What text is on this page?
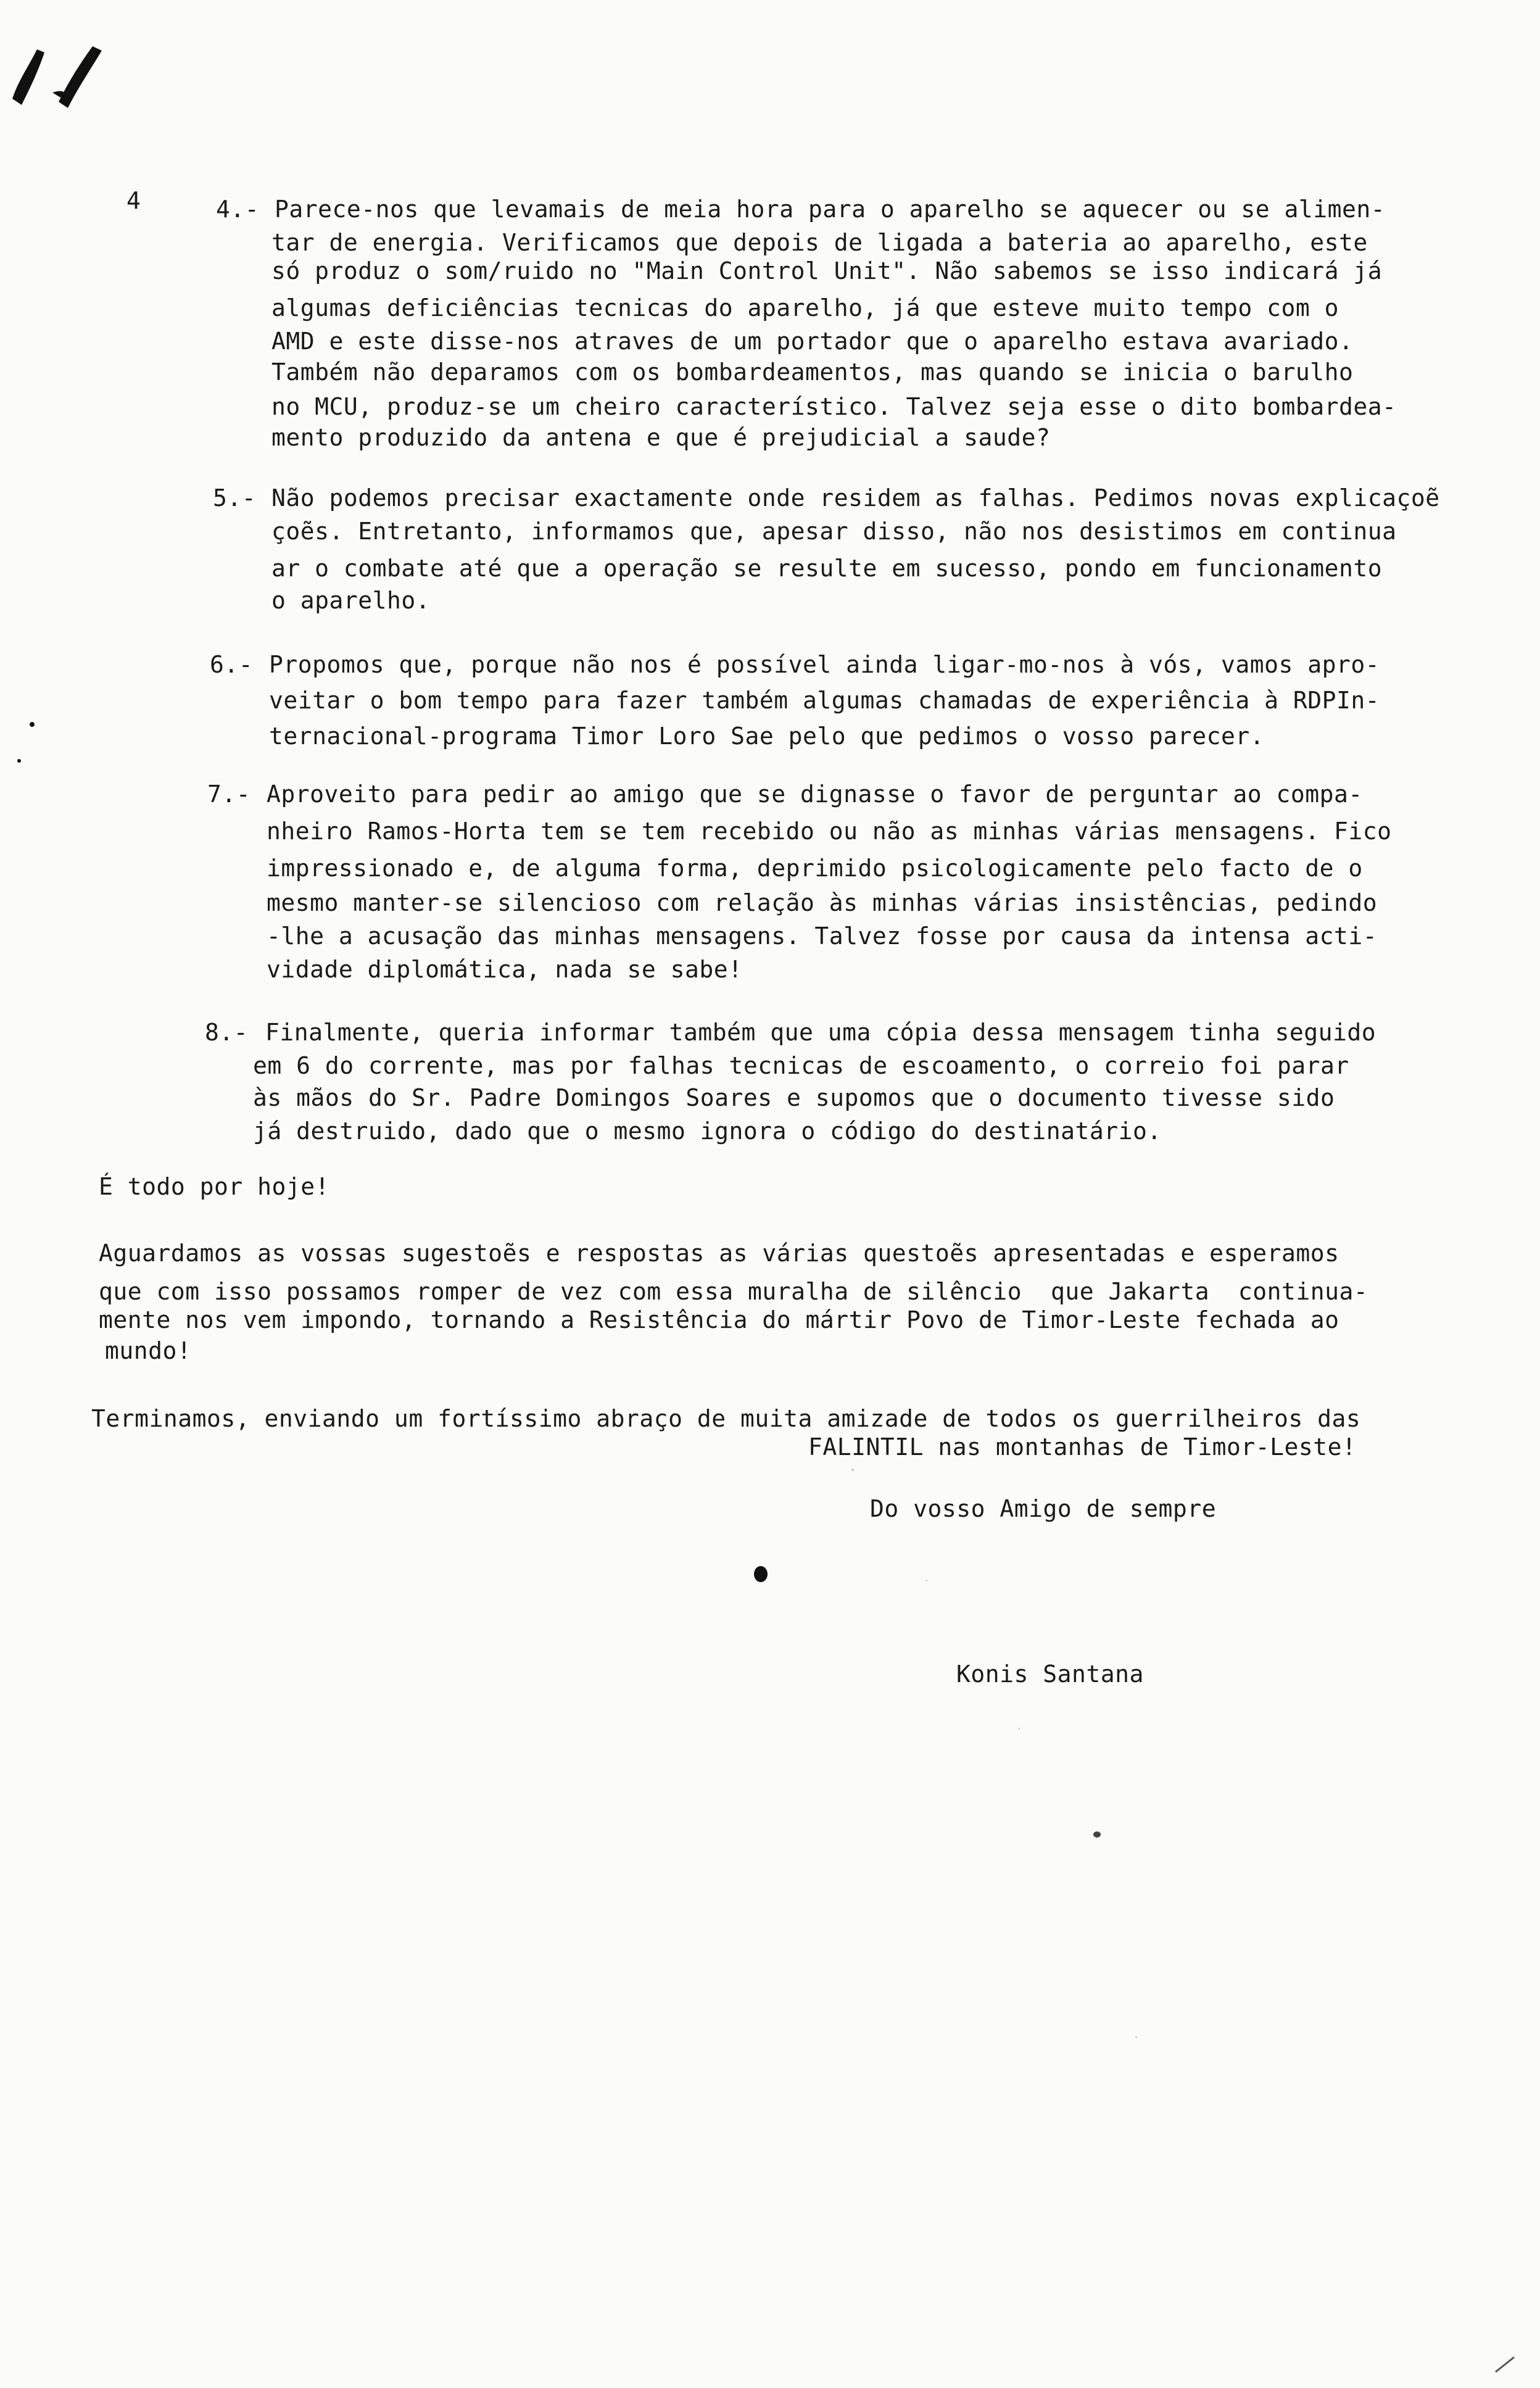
4	4.- Parece-nos que levamais de meia hora para o aparelho se aquecer ou se alimen-
tar de energia. Verificamos que depois de ligada a bateria ao aparelho, este
só produz o som/ruido no "Main Control Unit". Não sabemos se isso indicará já
algumas deficiências tecnicas do aparelho, já que esteve muito tempo com o
AMD e este disse-nos atraves de um portador que o aparelho estava avariado.
Também não deparamos com os bombardeamentos, mas quando se inicia o barulho
no MCU, produz-se um cheiro característico. Talvez seja esse o dito bombardea-
mento produzido da antena e que é prejudicial a saude?
5.- Não podemos precisar exactamente onde residem as falhas. Pedimos novas explicaçoẽ
çoẽs. Entretanto, informamos que, apesar disso, não nos desistimos em continua
ar o combate até que a operação se resulte em sucesso, pondo em funcionamento
o aparelho.
6.- Propomos que, porque não nos é possível ainda ligar-mo-nos à vós, vamos apro-
veitar o bom tempo para fazer também algumas chamadas de experiência à RDPIn-
ternacional-programa Timor Loro Sae pelo que pedimos o vosso parecer.
7.- Aproveito para pedir ao amigo que se dignasse o favor de perguntar ao compa-
nheiro Ramos-Horta tem se tem recebido ou não as minhas várias mensagens. Fico
impressionado e, de alguma forma, deprimido psicologicamente pelo facto de o
mesmo manter-se silencioso com relação às minhas várias insistências, pedindo
-lhe a acusação das minhas mensagens. Talvez fosse por causa da intensa acti-
vidade diplomática, nada se sabe!
8.- Finalmente, queria informar também que uma cópia dessa mensagem tinha seguido
em 6 do corrente, mas por falhas tecnicas de escoamento, o correio foi parar
às mãos do Sr. Padre Domingos Soares e supomos que o documento tivesse sido
já destruido, dado que o mesmo ignora o código do destinatário.
É todo por hoje!
Aguardamos as vossas sugestoẽs e respostas as várias questoẽs apresentadas e esperamos
que com isso possamos romper de vez com essa muralha de silêncio  que Jakarta  continua-
mente nos vem impondo, tornando a Resistência do mártir Povo de Timor-Leste fechada ao
mundo!
Terminamos, enviando um fortíssimo abraço de muita amizade de todos os guerrilheiros das
FALINTIL nas montanhas de Timor-Leste!
Do vosso Amigo de sempre
Konis Santana
